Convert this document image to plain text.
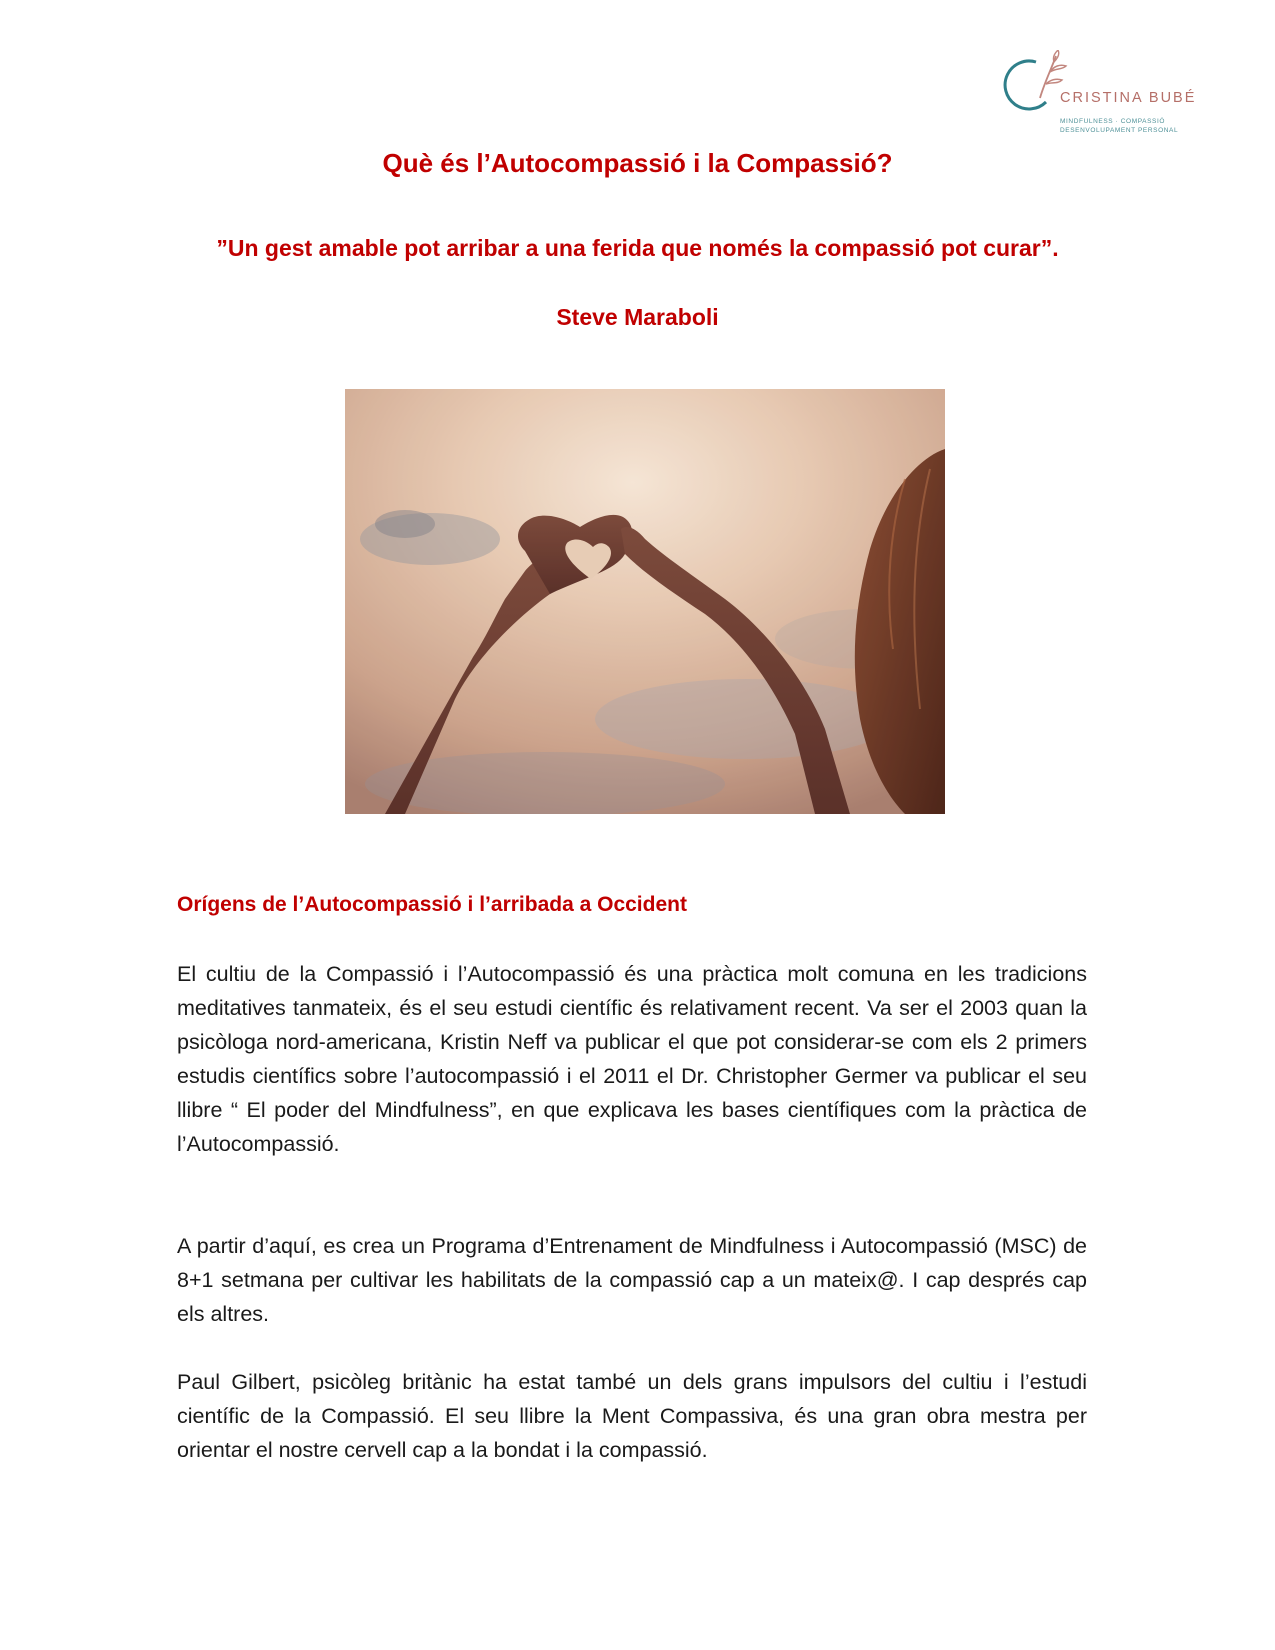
CRISTINA BUBÉ
MINDFULNESS · COMPASSIÓ
DESENVOLUPAMENT PERSONAL
Què és l’Autocompassió i la Compassió?

”Un gest amable pot arribar a una ferida que només la compassió pot curar”.

Steve Maraboli

Orígens de l’Autocompassió i l’arribada a Occident

El cultiu de la Compassió i l’Autocompassió és una pràctica molt comuna en les tradicions meditatives tanmateix, és el seu estudi científic és relativament recent. Va ser el 2003 quan la psicòloga nord-americana, Kristin Neff va publicar el que pot considerar-se com els 2 primers estudis científics sobre l’autocompassió i el 2011 el Dr. Christopher Germer va publicar el seu llibre “ El poder del Mindfulness”, en que explicava les bases científiques com la pràctica de l’Autocompassió.

A partir d’aquí, es crea un Programa d’Entrenament de Mindfulness i Autocompassió (MSC) de 8+1 setmana per cultivar les habilitats de la compassió cap a un mateix@. I cap després cap els altres.

Paul Gilbert, psicòleg britànic ha estat també un dels grans impulsors del cultiu i l’estudi científic de la Compassió. El seu llibre la Ment Compassiva, és una gran obra mestra per orientar el nostre cervell cap a la bondat i la compassió.
